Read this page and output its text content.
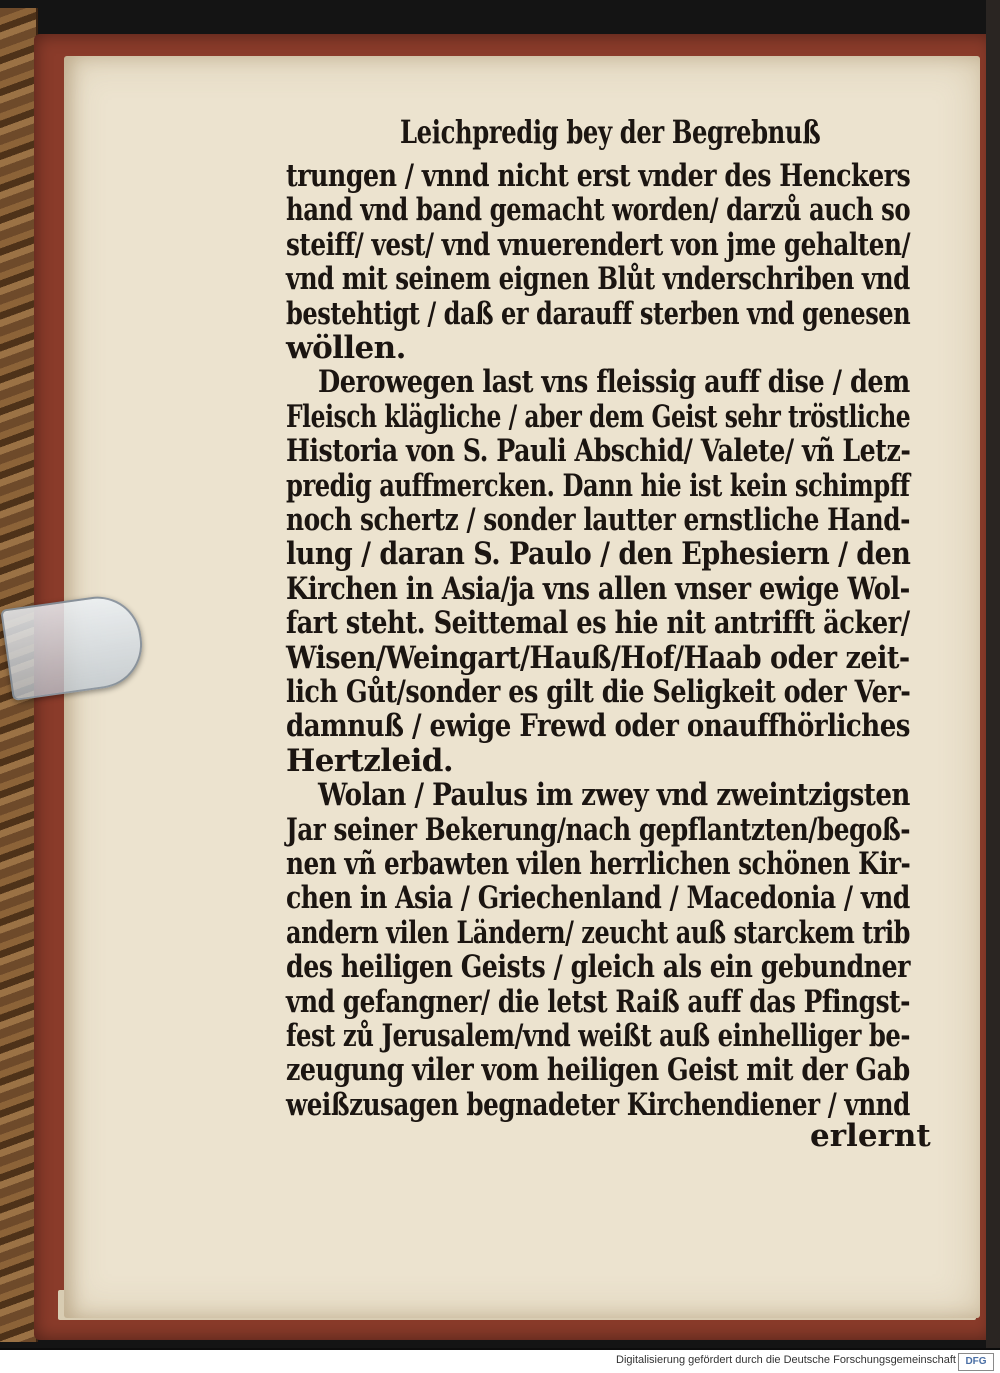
Leichpredig bey der Begrebnuß
trungen / vnnd nicht erst vnder des Henckers
hand vnd band gemacht worden/ darzů auch so
steiff/ vest/ vnd vnuerendert von jme gehalten/
vnd mit seinem eignen Blůt vnderschriben vnd
bestehtigt / daß er darauff sterben vnd genesen
wöllen.
Derowegen last vns fleissig auff dise / dem
Fleisch klägliche / aber dem Geist sehr tröstliche
Historia von S. Pauli Abschid/ Valete/ vñ Letz-
predig auffmercken. Dann hie ist kein schimpff
noch schertz / sonder lautter ernstliche Hand-
lung / daran S. Paulo / den Ephesiern / den
Kirchen in Asia/ja vns allen vnser ewige Wol-
fart steht. Seittemal es hie nit antrifft äcker/
Wisen/Weingart/Hauß/Hof/Haab oder zeit-
lich Gůt/sonder es gilt die Seligkeit oder Ver-
damnuß / ewige Frewd oder onauffhörliches
Hertzleid.
Wolan / Paulus im zwey vnd zweintzigsten
Jar seiner Bekerung/nach gepflantzten/begoß-
nen vñ erbawten vilen herrlichen schönen Kir-
chen in Asia / Griechenland / Macedonia / vnd
andern vilen Ländern/ zeucht auß starckem trib
des heiligen Geists / gleich als ein gebundner
vnd gefangner/ die letst Raiß auff das Pfingst-
fest zů Jerusalem/vnd weißt auß einhelliger be-
zeugung viler vom heiligen Geist mit der Gab
weißzusagen begnadeter Kirchendiener / vnnd
erlernt
Digitalisierung gefördert durch die Deutsche Forschungsgemeinschaft DFG
